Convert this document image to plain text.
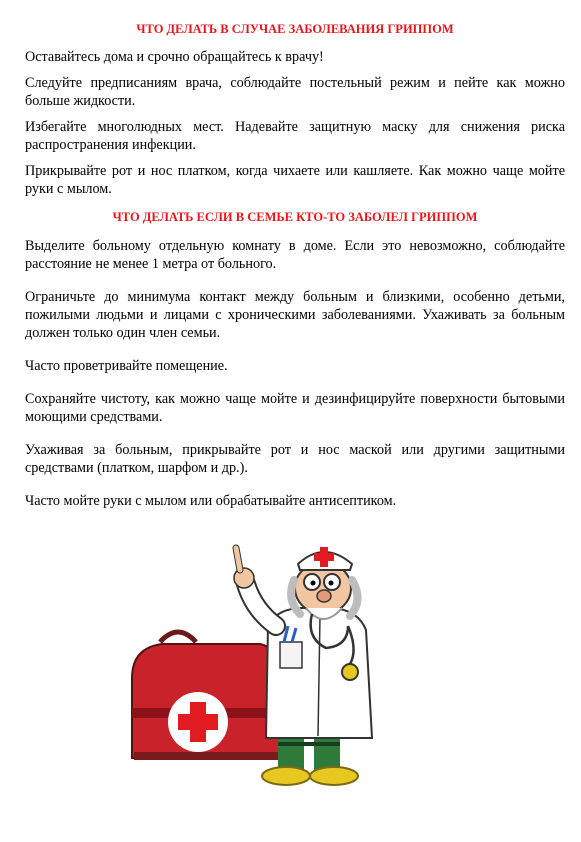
ЧТО ДЕЛАТЬ В СЛУЧАЕ ЗАБОЛЕВАНИЯ ГРИППОМ

Оставайтесь дома и срочно обращайтесь к врачу!

Следуйте предписаниям врача, соблюдайте постельный режим и пейте как можно больше жидкости.

Избегайте многолюдных мест. Надевайте защитную маску для снижения риска распространения инфекции.

Прикрывайте рот и нос платком, когда чихаете или кашляете. Как можно чаще мойте руки с мылом.

ЧТО ДЕЛАТЬ ЕСЛИ В СЕМЬЕ КТО-ТО ЗАБОЛЕЛ ГРИППОМ

Выделите больному отдельную комнату в доме. Если это невозможно, соблюдайте расстояние не менее 1 метра от больного.

Ограничьте до минимума контакт между больным и близкими, особенно детьми, пожилыми людьми и лицами с хроническими заболеваниями. Ухаживать за больным должен только один член семьи.

Часто проветривайте помещение.

Сохраняйте чистоту, как можно чаще мойте и дезинфицируйте поверхности бытовыми моющими средствами.

Ухаживая за больным, прикрывайте рот и нос маской или другими защитными средствами (платком, шарфом и др.).

Часто мойте руки с мылом или обрабатывайте антисептиком.
